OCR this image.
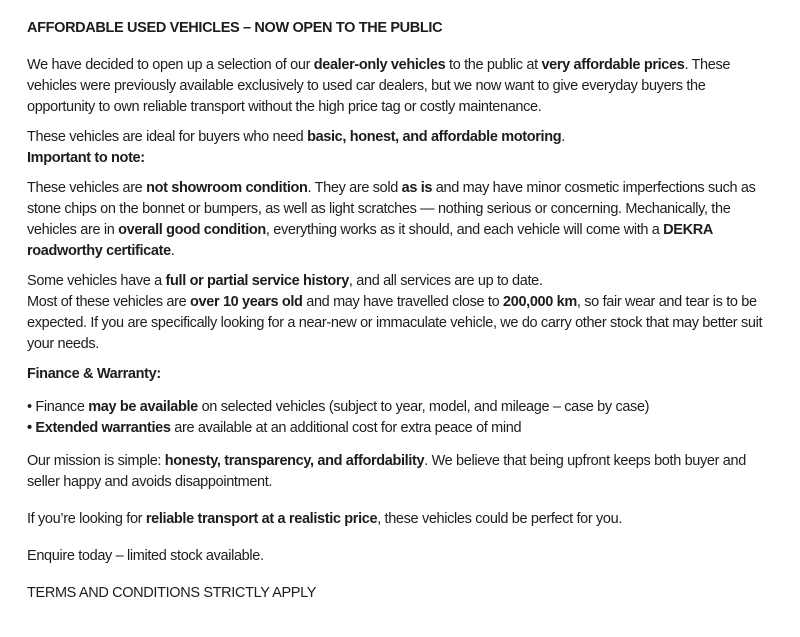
AFFORDABLE USED VEHICLES – NOW OPEN TO THE PUBLIC

We have decided to open up a selection of our dealer-only vehicles to the public at very affordable prices. These vehicles were previously available exclusively to used car dealers, but we now want to give everyday buyers the opportunity to own reliable transport without the high price tag or costly maintenance.

These vehicles are ideal for buyers who need basic, honest, and affordable motoring.

Important to note:

These vehicles are not showroom condition. They are sold as is and may have minor cosmetic imperfections such as stone chips on the bonnet or bumpers, as well as light scratches — nothing serious or concerning. Mechanically, the vehicles are in overall good condition, everything works as it should, and each vehicle will come with a DEKRA roadworthy certificate.

Some vehicles have a full or partial service history, and all services are up to date.

Most of these vehicles are over 10 years old and may have travelled close to 200,000 km, so fair wear and tear is to be expected. If you are specifically looking for a near-new or immaculate vehicle, we do carry other stock that may better suit your needs.

Finance & Warranty:

• Finance may be available on selected vehicles (subject to year, model, and mileage – case by case)

• Extended warranties are available at an additional cost for extra peace of mind

Our mission is simple: honesty, transparency, and affordability. We believe that being upfront keeps both buyer and seller happy and avoids disappointment.

If you’re looking for reliable transport at a realistic price, these vehicles could be perfect for you.

Enquire today – limited stock available.

TERMS AND CONDITIONS STRICTLY APPLY
